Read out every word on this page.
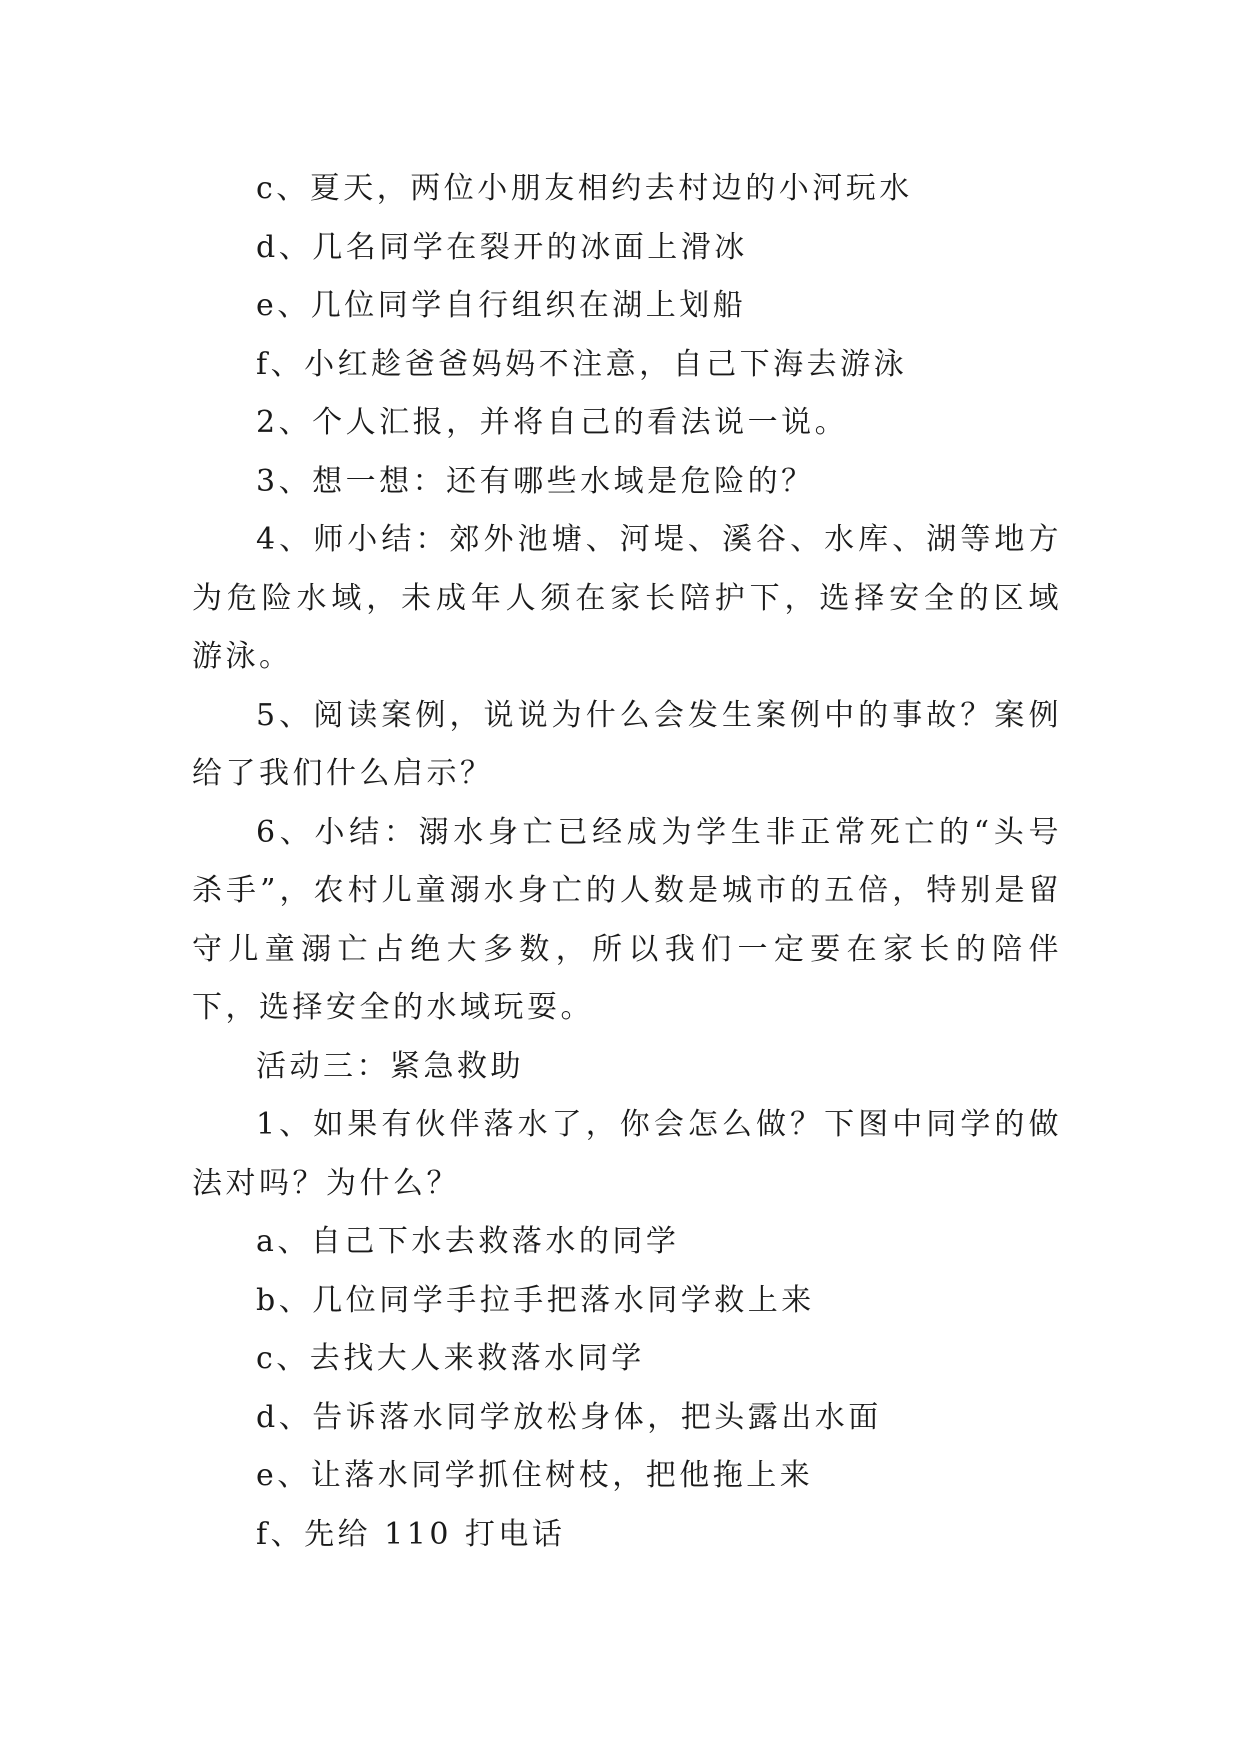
c、夏天，两位小朋友相约去村边的小河玩水

d、几名同学在裂开的冰面上滑冰

e、几位同学自行组织在湖上划船

f、小红趁爸爸妈妈不注意，自己下海去游泳

2、个人汇报，并将自己的看法说一说。

3、想一想：还有哪些水域是危险的？

4、师小结：郊外池塘、河堤、溪谷、水库、湖等地方为危险水域，未成年人须在家长陪护下，选择安全的区域游泳。

5、阅读案例，说说为什么会发生案例中的事故？案例给了我们什么启示？

6、小结：溺水身亡已经成为学生非正常死亡的“头号杀手”，农村儿童溺水身亡的人数是城市的五倍，特别是留守儿童溺亡占绝大多数，所以我们一定要在家长的陪伴下，选择安全的水域玩耍。

活动三：紧急救助

1、如果有伙伴落水了，你会怎么做？下图中同学的做法对吗？为什么？

a、自己下水去救落水的同学

b、几位同学手拉手把落水同学救上来

c、去找大人来救落水同学

d、告诉落水同学放松身体，把头露出水面

e、让落水同学抓住树枝，把他拖上来

f、先给 110 打电话
